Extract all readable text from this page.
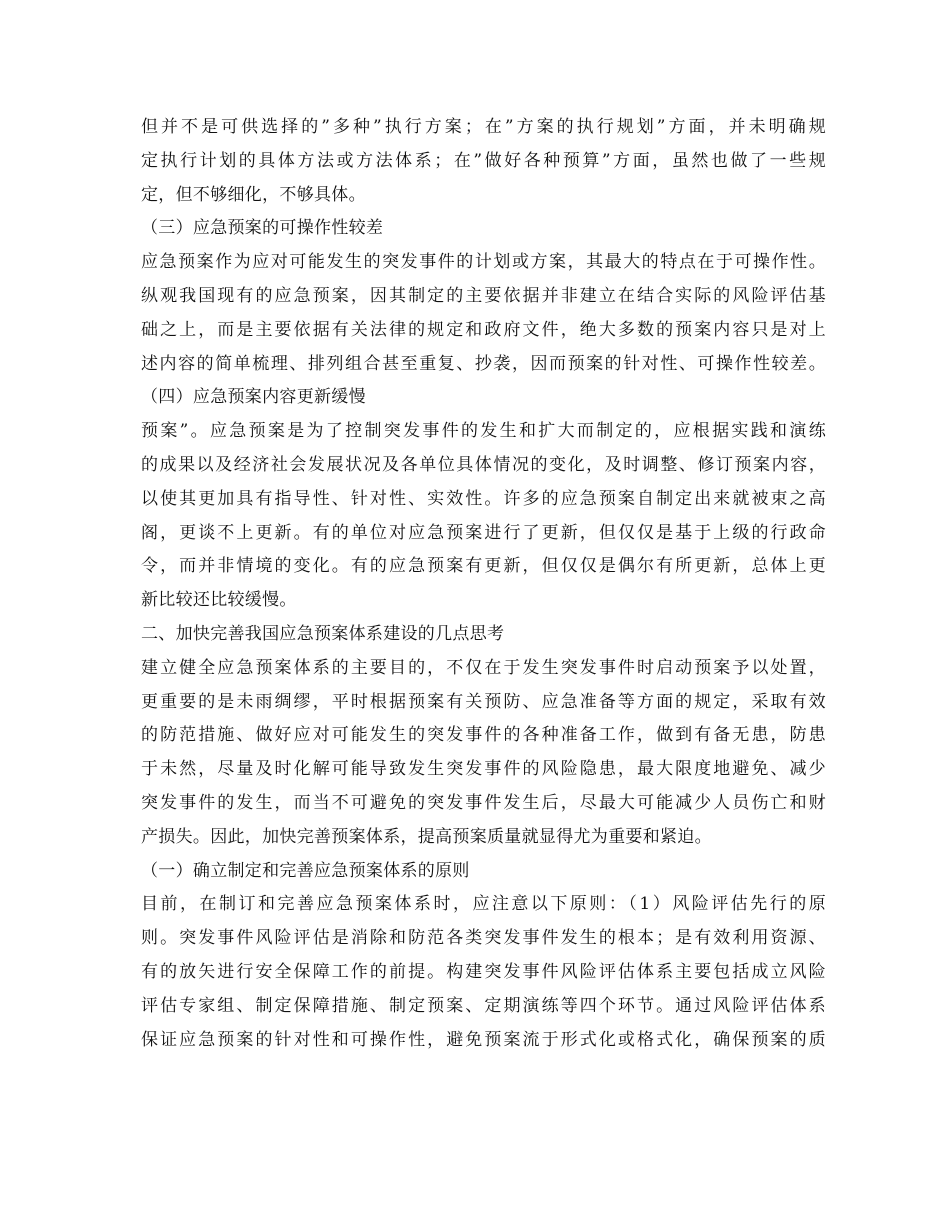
但并不是可供选择的”多种”执行方案；在”方案的执行规划”方面，并未明确规
定执行计划的具体方法或方法体系；在”做好各种预算”方面，虽然也做了一些规
定，但不够细化，不够具体。
（三）应急预案的可操作性较差
应急预案作为应对可能发生的突发事件的计划或方案，其最大的特点在于可操作性。
纵观我国现有的应急预案，因其制定的主要依据并非建立在结合实际的风险评估基
础之上，而是主要依据有关法律的规定和政府文件，绝大多数的预案内容只是对上
述内容的简单梳理、排列组合甚至重复、抄袭，因而预案的针对性、可操作性较差。
（四）应急预案内容更新缓慢
预案”。应急预案是为了控制突发事件的发生和扩大而制定的，应根据实践和演练
的成果以及经济社会发展状况及各单位具体情况的变化，及时调整、修订预案内容，
以使其更加具有指导性、针对性、实效性。许多的应急预案自制定出来就被束之高
阁，更谈不上更新。有的单位对应急预案进行了更新，但仅仅是基于上级的行政命
令，而并非情境的变化。有的应急预案有更新，但仅仅是偶尔有所更新，总体上更
新比较还比较缓慢。
二、加快完善我国应急预案体系建设的几点思考
建立健全应急预案体系的主要目的，不仅在于发生突发事件时启动预案予以处置，
更重要的是未雨绸缪，平时根据预案有关预防、应急准备等方面的规定，采取有效
的防范措施、做好应对可能发生的突发事件的各种准备工作，做到有备无患，防患
于未然，尽量及时化解可能导致发生突发事件的风险隐患，最大限度地避免、减少
突发事件的发生，而当不可避免的突发事件发生后，尽最大可能减少人员伤亡和财
产损失。因此，加快完善预案体系，提高预案质量就显得尤为重要和紧迫。
（一）确立制定和完善应急预案体系的原则
目前，在制订和完善应急预案体系时，应注意以下原则：（1）风险评估先行的原
则。突发事件风险评估是消除和防范各类突发事件发生的根本；是有效利用资源、
有的放矢进行安全保障工作的前提。构建突发事件风险评估体系主要包括成立风险
评估专家组、制定保障措施、制定预案、定期演练等四个环节。通过风险评估体系
保证应急预案的针对性和可操作性，避免预案流于形式化或格式化，确保预案的质
